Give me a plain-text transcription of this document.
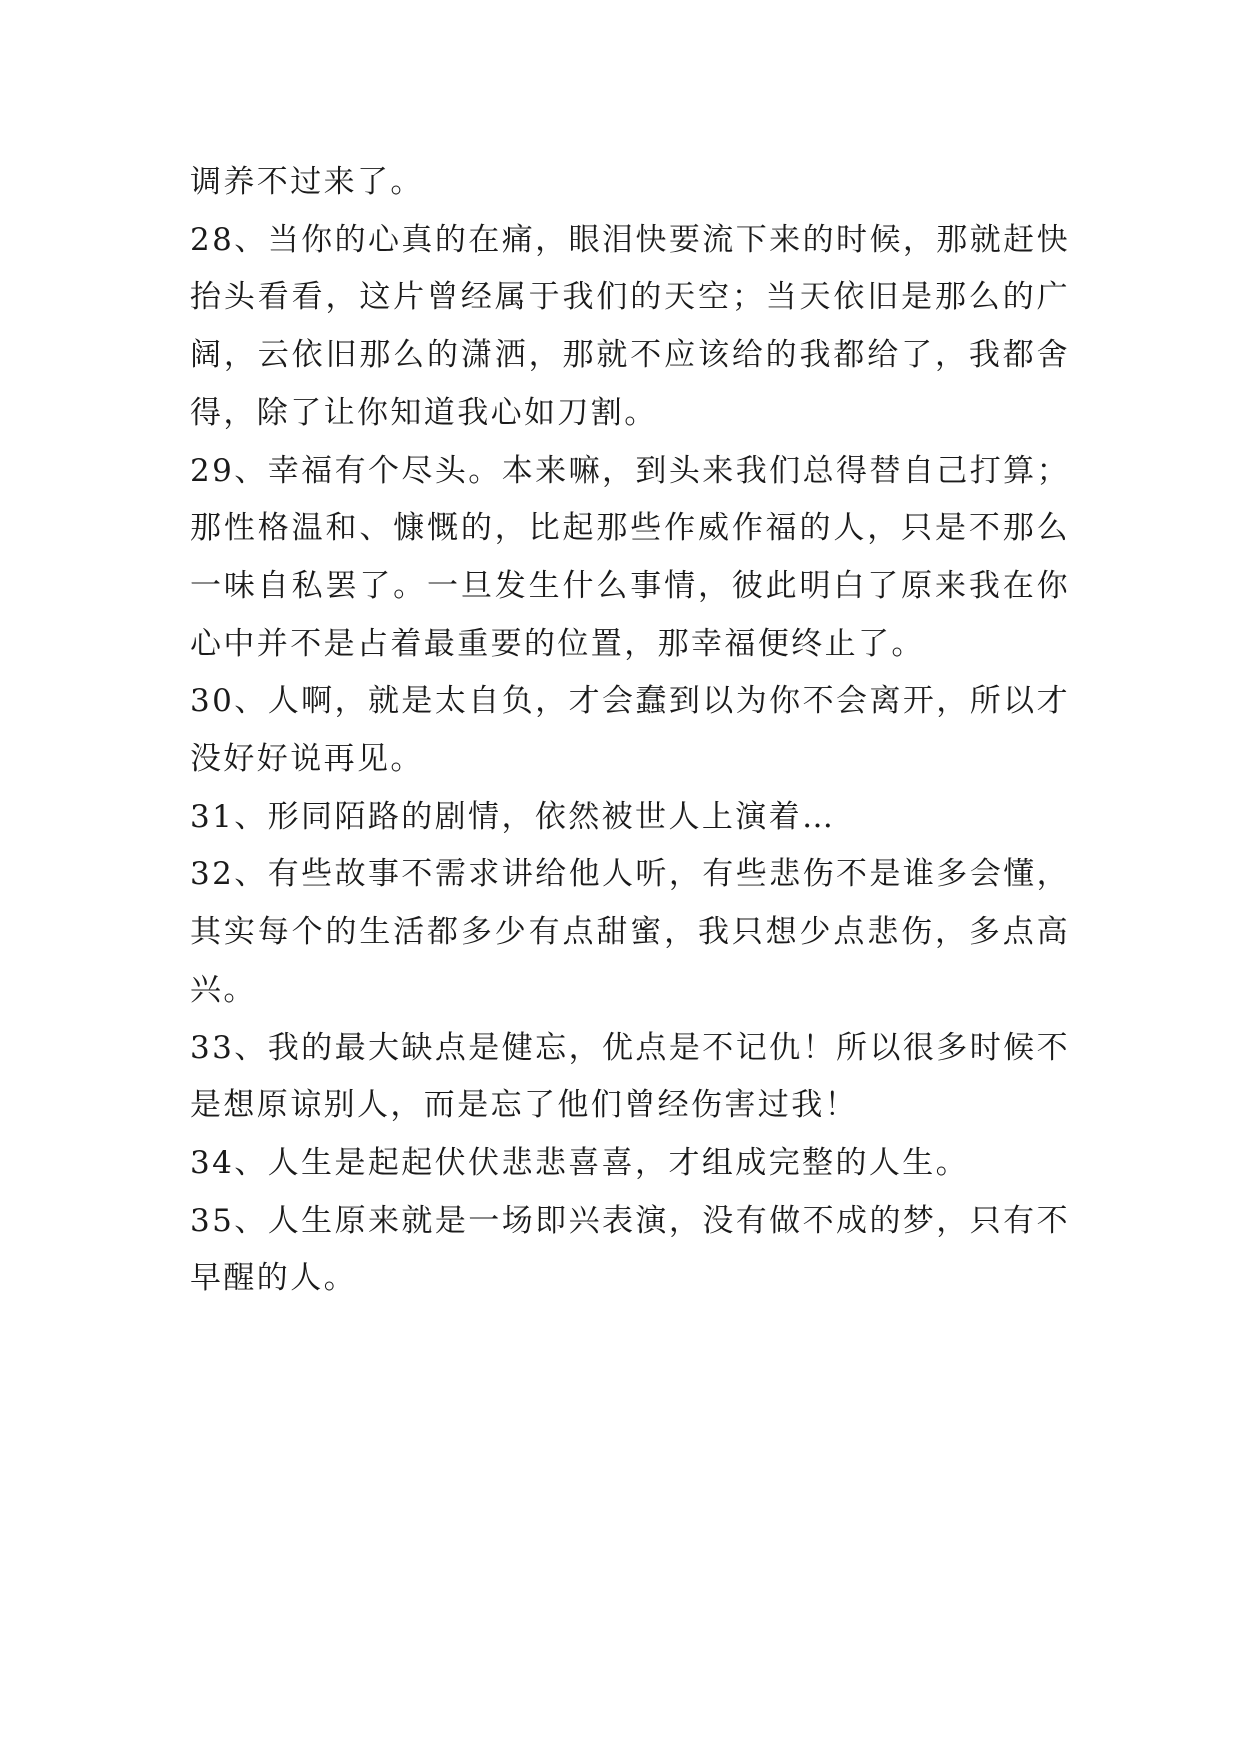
调养不过来了。

28、当你的心真的在痛，眼泪快要流下来的时候，那就赶快抬头看看，这片曾经属于我们的天空；当天依旧是那么的广阔，云依旧那么的潇洒，那就不应该给的我都给了，我都舍得，除了让你知道我心如刀割。

29、幸福有个尽头。本来嘛，到头来我们总得替自己打算；那性格温和、慷慨的，比起那些作威作福的人，只是不那么一味自私罢了。一旦发生什么事情，彼此明白了原来我在你心中并不是占着最重要的位置，那幸福便终止了。

30、人啊，就是太自负，才会蠢到以为你不会离开，所以才没好好说再见。

31、形同陌路的剧情，依然被世人上演着…

32、有些故事不需求讲给他人听，有些悲伤不是谁多会懂，其实每个的生活都多少有点甜蜜，我只想少点悲伤，多点高兴。

33、我的最大缺点是健忘，优点是不记仇！所以很多时候不是想原谅别人，而是忘了他们曾经伤害过我！

34、人生是起起伏伏悲悲喜喜，才组成完整的人生。

35、人生原来就是一场即兴表演，没有做不成的梦，只有不早醒的人。
